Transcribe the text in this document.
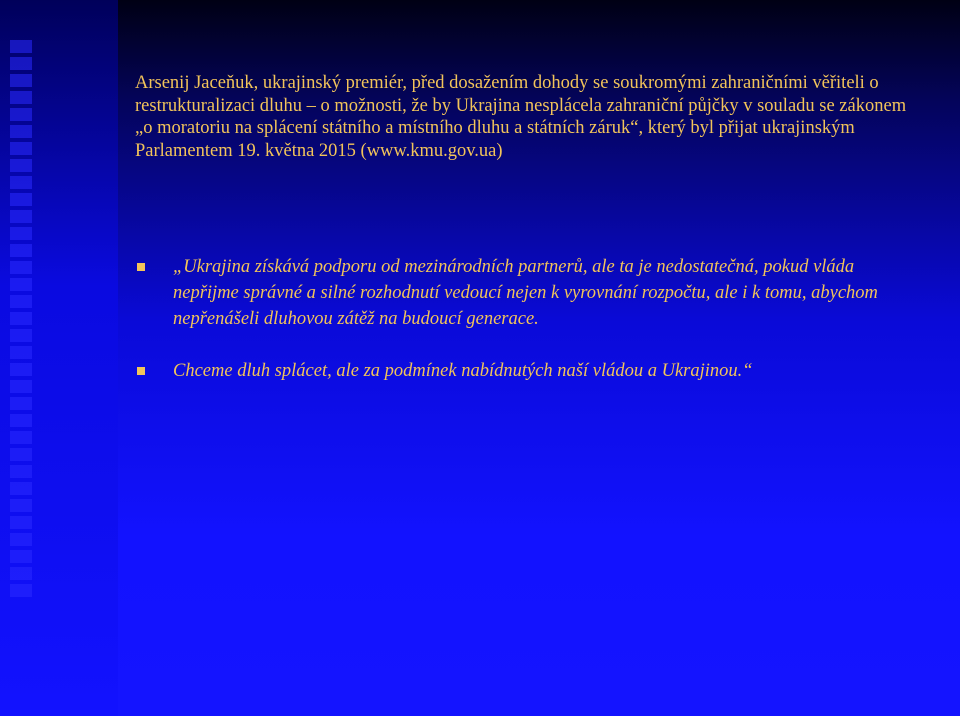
Arsenij Jaceňuk, ukrajinský premiér, před dosažením dohody se soukromými zahraničními věřiteli o restrukturalizaci dluhu – o možnosti, že by Ukrajina nesplácela zahraniční půjčky v souladu se zákonem „o moratoriu na splácení státního a místního dluhu a státních záruk“, který byl přijat ukrajinským Parlamentem 19. května 2015 (www.kmu.gov.ua)
„Ukrajina získává podporu od mezinárodních partnerů, ale ta je nedostatečná, pokud vláda nepřijme správné a silné rozhodnutí vedoucí nejen k vyrovnání rozpočtu, ale i k tomu, abychom nepřenášeli dluhovou zátěž na budoucí generace.
Chceme dluh splácet, ale za podmínek nabídnutých naší vládou a Ukrajinou.“
